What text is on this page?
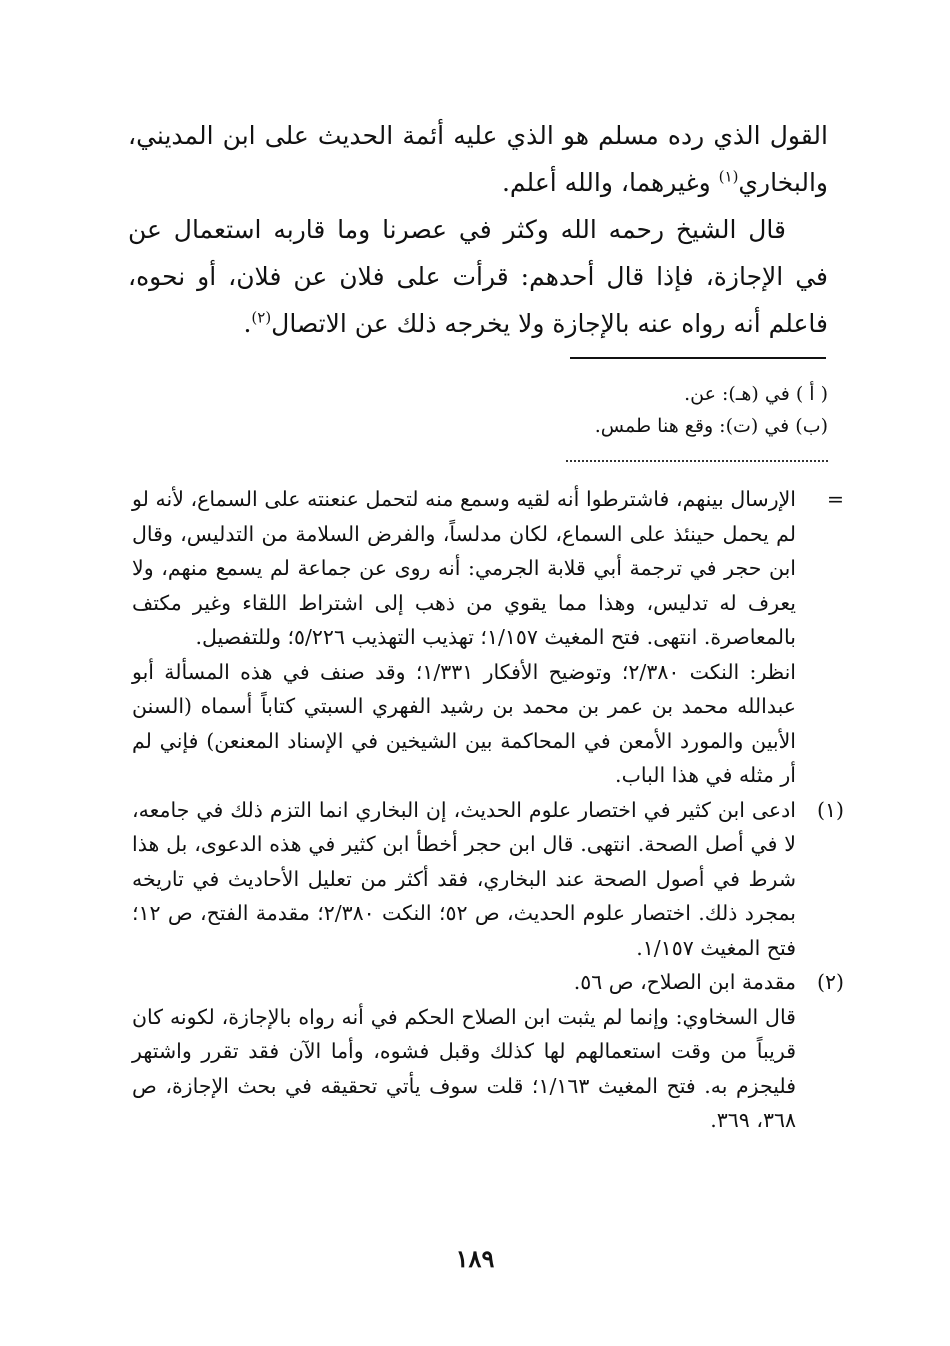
القول الذي رده مسلم هو الذي عليه أئمة الحديث على ابن المديني، والبخاري$^{(١)}$ وغيرهما، والله أعلم.

قال الشيخ رحمه الله وكثر في عصرنا وما قاربه استعمال عن في الإجازة، فإذا قال أحدهم: قرأت على فلان عن فلان، أو نحوه، فاعلم أنه رواه عنه بالإجازة ولا يخرجه ذلك عن الاتصال$^{(٢)}$.

( أ ) في (هـ): عن.
(ب) في (ت): وقع هنا طمس.
=
الإرسال بينهم، فاشترطوا أنه لقيه وسمع منه لتحمل عنعنته على السماع، لأنه لو لم يحمل حينئذ على السماع، لكان مدلساً، والفرض السلامة من التدليس، وقال ابن حجر في ترجمة أبي قلابة الجرمي: أنه روى عن جماعة لم يسمع منهم، ولا يعرف له تدليس، وهذا مما يقوي من ذهب إلى اشتراط اللقاء وغير مكتف بالمعاصرة. انتهى. فتح المغيث ١/١٥٧؛ تهذيب التهذيب ٥/٢٢٦؛ وللتفصيل.
انظر: النكت ٢/٣٨٠؛ وتوضيح الأفكار ١/٣٣١؛ وقد صنف في هذه المسألة أبو عبدالله محمد بن عمر بن محمد بن رشيد الفهري السبتي كتاباً أسماه (السنن الأبين والمورد الأمعن في المحاكمة بين الشيخين في الإسناد المعنعن) فإني لم أر مثله في هذا الباب.
(١)
ادعى ابن كثير في اختصار علوم الحديث، إن البخاري انما التزم ذلك في جامعه، لا في أصل الصحة. انتهى. قال ابن حجر أخطأ ابن كثير في هذه الدعوى، بل هذا شرط في أصول الصحة عند البخاري، فقد أكثر من تعليل الأحاديث في تاريخه بمجرد ذلك. اختصار علوم الحديث، ص ٥٢؛ النكت ٢/٣٨٠؛ مقدمة الفتح، ص ١٢؛ فتح المغيث ١/١٥٧.
(٢)
مقدمة ابن الصلاح، ص ٥٦.
قال السخاوي: وإنما لم يثبت ابن الصلاح الحكم في أنه رواه بالإجازة، لكونه كان قريباً من وقت استعمالهم لها كذلك وقبل فشوه، وأما الآن فقد تقرر واشتهر فليجزم به. فتح المغيث ١/١٦٣؛ قلت سوف يأتي تحقيقه في بحث الإجازة، ص ٣٦٨، ٣٦٩.
١٨٩
